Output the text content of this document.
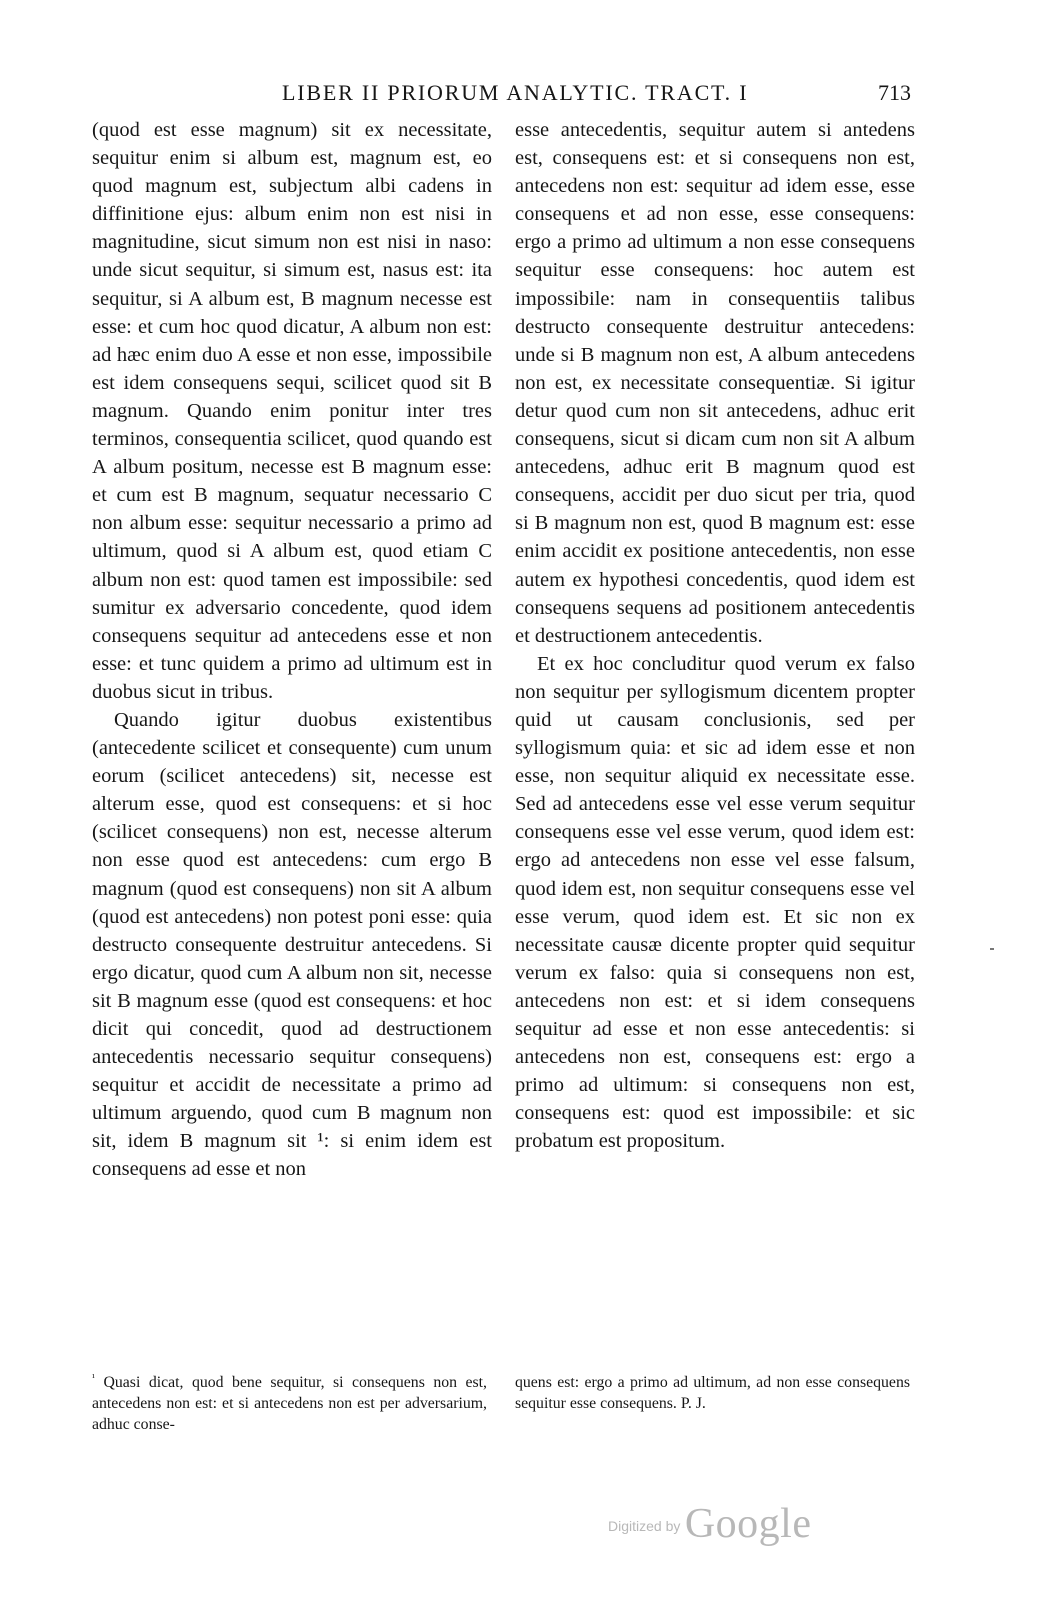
LIBER II PRIORUM ANALYTIC. TRACT. I	713

(quod est esse magnum) sit ex necessitate, sequitur enim si album est, magnum est, eo quod magnum est, subjectum albi cadens in diffinitione ejus: album enim non est nisi in magnitudine, sicut simum non est nisi in naso: unde sicut sequitur, si simum est, nasus est: ita sequitur, si A album est, B magnum necesse est esse: et cum hoc quod dicatur, A album non est: ad hæc enim duo A esse et non esse, impossibile est idem consequens sequi, scilicet quod sit B magnum. Quando enim ponitur inter tres terminos, consequentia scilicet, quod quando est A album positum, necesse est B magnum esse: et cum est B magnum, sequatur necessario C non album esse: sequitur necessario a primo ad ultimum, quod si A album est, quod etiam C album non est: quod tamen est impossibile: sed sumitur ex adversario concedente, quod idem consequens sequitur ad antecedens esse et non esse: et tunc quidem a primo ad ultimum est in duobus sicut in tribus.

Quando igitur duobus existentibus (antecedente scilicet et consequente) cum unum eorum (scilicet antecedens) sit, necesse est alterum esse, quod est consequens: et si hoc (scilicet consequens) non est, necesse alterum non esse quod est antecedens: cum ergo B magnum (quod est consequens) non sit A album (quod est antecedens) non potest poni esse: quia destructo consequente destruitur antecedens. Si ergo dicatur, quod cum A album non sit, necesse sit B magnum esse (quod est consequens: et hoc dicit qui concedit, quod ad destructionem antecedentis necessario sequitur consequens) sequitur et accidit de necessitate a primo ad ultimum arguendo, quod cum B magnum non sit, idem B magnum sit ¹: si enim idem est consequens ad esse et non

esse antecedentis, sequitur autem si antedens est, consequens est: et si consequens non est, antecedens non est: sequitur ad idem esse, esse consequens et ad non esse, esse consequens: ergo a primo ad ultimum a non esse consequens sequitur esse consequens: hoc autem est impossibile: nam in consequentiis talibus destructo consequente destruitur antecedens: unde si B magnum non est, A album antecedens non est, ex necessitate consequentiæ. Si igitur detur quod cum non sit antecedens, adhuc erit consequens, sicut si dicam cum non sit A album antecedens, adhuc erit B magnum quod est consequens, accidit per duo sicut per tria, quod si B magnum non est, quod B magnum est: esse enim accidit ex positione antecedentis, non esse autem ex hypothesi concedentis, quod idem est consequens sequens ad positionem antecedentis et destructionem antecedentis.

Et ex hoc concluditur quod verum ex falso non sequitur per syllogismum dicentem propter quid ut causam conclusionis, sed per syllogismum quia: et sic ad idem esse et non esse, non sequitur aliquid ex necessitate esse. Sed ad antecedens esse vel esse verum sequitur consequens esse vel esse verum, quod idem est: ergo ad antecedens non esse vel esse falsum, quod idem est, non sequitur consequens esse vel esse verum, quod idem est. Et sic non ex necessitate causæ dicente propter quid sequitur verum ex falso: quia si consequens non est, antecedens non est: et si idem consequens sequitur ad esse et non esse antecedentis: si antecedens non est, consequens est: ergo a primo ad ultimum: si consequens non est, consequens est: quod est impossibile: et sic probatum est propositum.

$^{^1}$ Quasi dicat, quod bene sequitur, si consequens non est, antecedens non est: et si antecedens non est per adversarium, adhuc conse-
quens est: ergo a primo ad ultimum, ad non esse consequens sequitur esse consequens. P. J.
Digitized by Google
